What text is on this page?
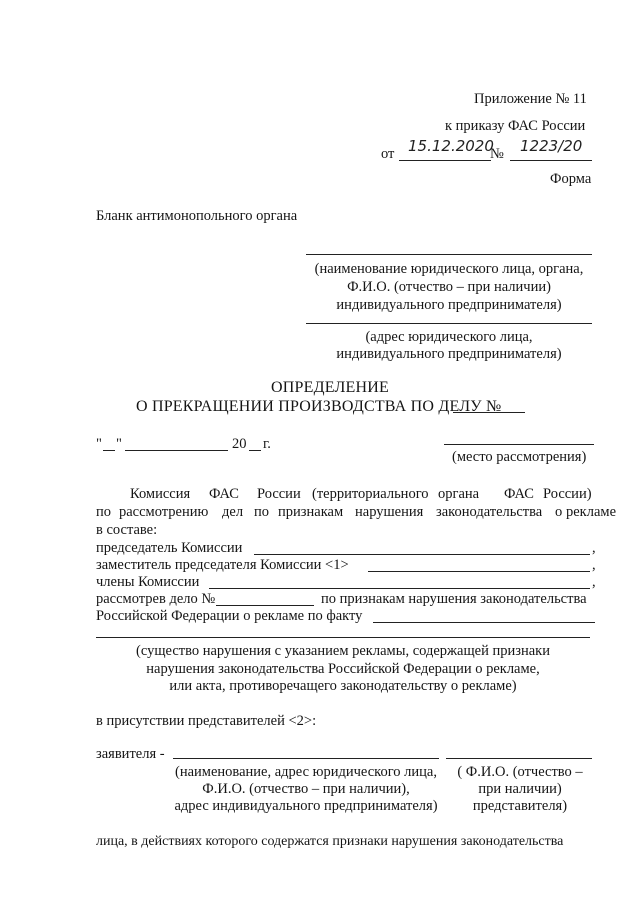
Приложение № 11
к приказу ФАС России
от 15.12.2020
№ 1223/20
Форма
Бланк антимонопольного органа
(наименование юридического лица, органа,
Ф.И.О. (отчество – при наличии)
индивидуального предпринимателя)
(адрес юридического лица,
индивидуального предпринимателя)
ОПРЕДЕЛЕНИЕ
О ПРЕКРАЩЕНИИ ПРОИЗВОДСТВА ПО ДЕЛУ №
" "	20 г.
(место рассмотрения)
Комиссия ФАС России (территориального органа ФАС России)
по рассмотрению дел по признакам нарушения законодательства о рекламе
в составе:
председатель Комиссии	,
заместитель председателя Комиссии <1>	,
члены Комиссии	,
рассмотрев дело №	по признакам нарушения законодательства
Российской Федерации о рекламе по факту
(существо нарушения с указанием рекламы, содержащей признаки
нарушения законодательства Российской Федерации о рекламе,
или акта, противоречащего законодательству о рекламе)
в присутствии представителей <2>:
заявителя -
(наименование, адрес юридического лица,
Ф.И.О. (отчество – при наличии),
адрес индивидуального предпринимателя)
( Ф.И.О. (отчество –
при наличии)
представителя)
лица, в действиях которого содержатся признаки нарушения законодательства
